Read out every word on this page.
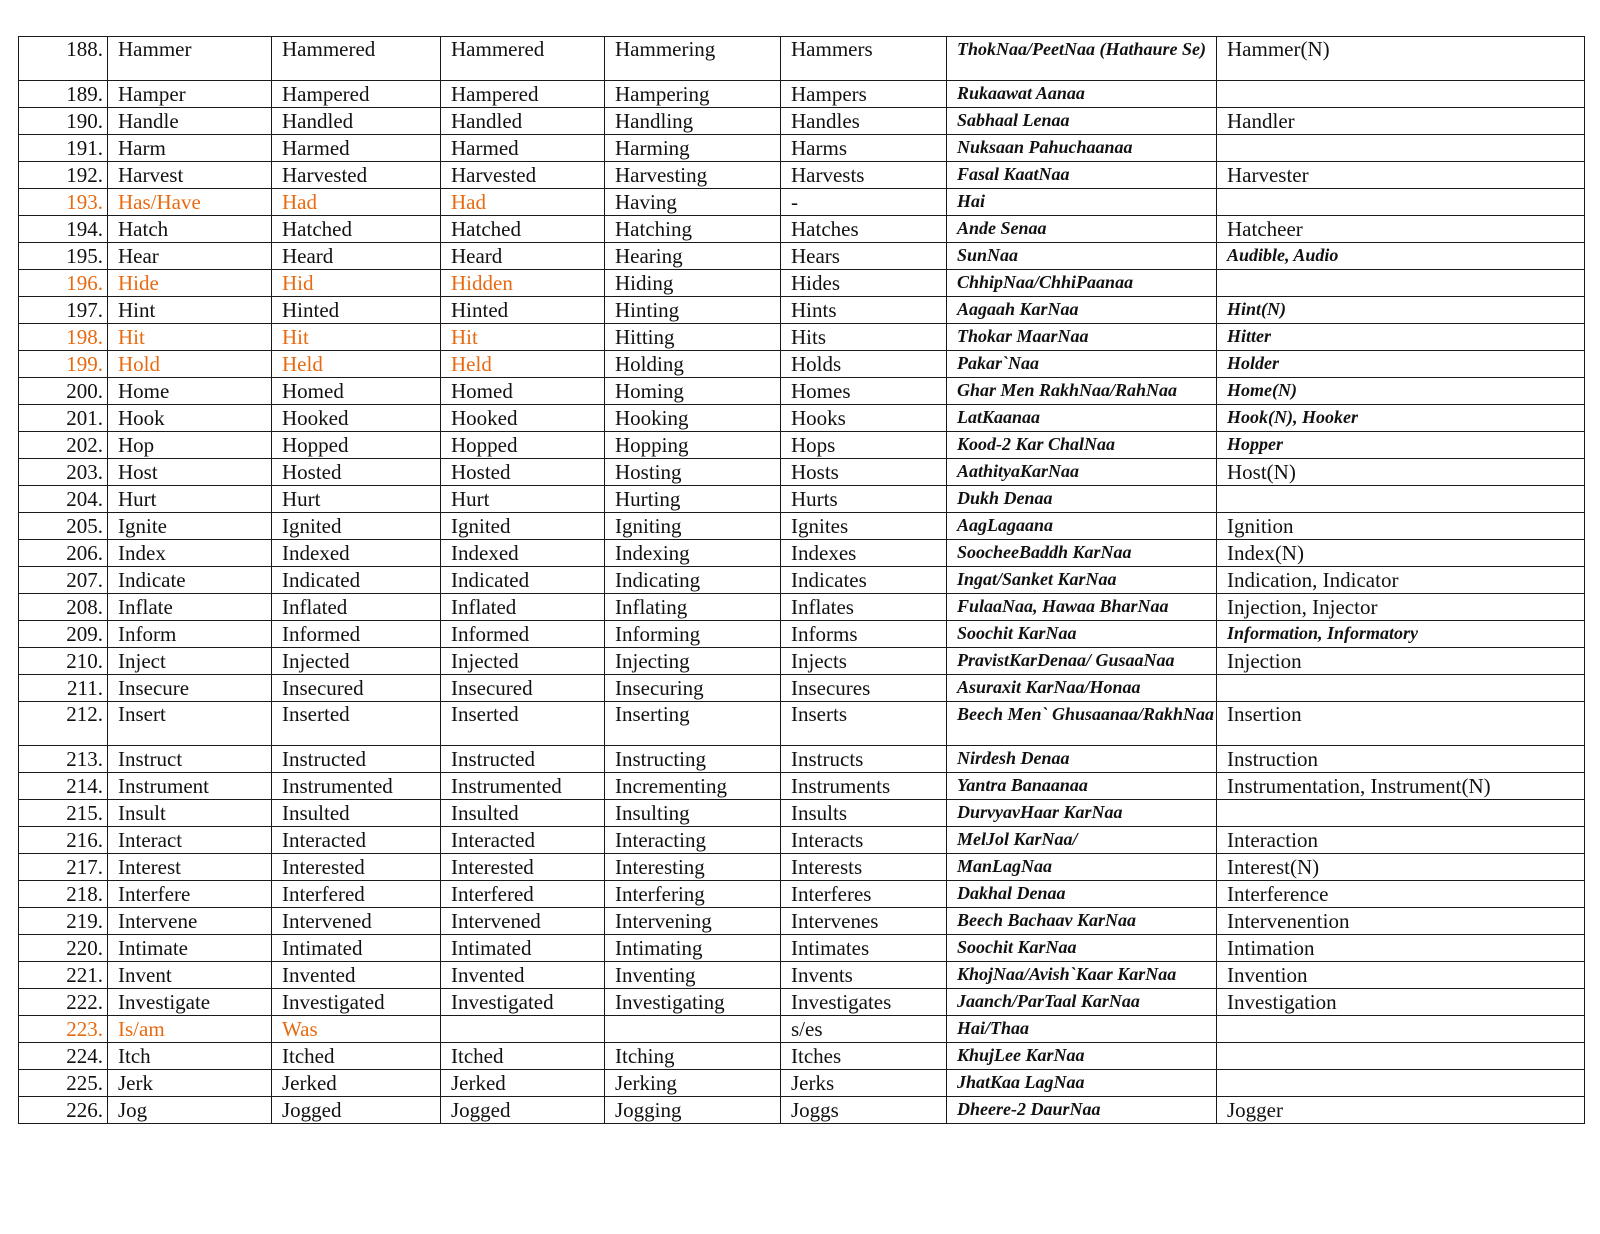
188.	Hammer	Hammered	Hammered	Hammering	Hammers	ThokNaa/PeetNaa (Hathaure Se)	Hammer(N)
189.	Hamper	Hampered	Hampered	Hampering	Hampers	Rukaawat Aanaa	
190.	Handle	Handled	Handled	Handling	Handles	Sabhaal Lenaa	Handler
191.	Harm	Harmed	Harmed	Harming	Harms	Nuksaan Pahuchaanaa	
192.	Harvest	Harvested	Harvested	Harvesting	Harvests	Fasal KaatNaa	Harvester
193.	Has/Have	Had	Had	Having	-	Hai	
194.	Hatch	Hatched	Hatched	Hatching	Hatches	Ande Senaa	Hatcheer
195.	Hear	Heard	Heard	Hearing	Hears	SunNaa	Audible, Audio
196.	Hide	Hid	Hidden	Hiding	Hides	ChhipNaa/ChhiPaanaa	
197.	Hint	Hinted	Hinted	Hinting	Hints	Aagaah KarNaa	Hint(N)
198.	Hit	Hit	Hit	Hitting	Hits	Thokar MaarNaa	Hitter
199.	Hold	Held	Held	Holding	Holds	Pakar`Naa	Holder
200.	Home	Homed	Homed	Homing	Homes	Ghar Men RakhNaa/RahNaa	Home(N)
201.	Hook	Hooked	Hooked	Hooking	Hooks	LatKaanaa	Hook(N), Hooker
202.	Hop	Hopped	Hopped	Hopping	Hops	Kood-2 Kar ChalNaa	Hopper
203.	Host	Hosted	Hosted	Hosting	Hosts	AathityaKarNaa	Host(N)
204.	Hurt	Hurt	Hurt	Hurting	Hurts	Dukh Denaa	
205.	Ignite	Ignited	Ignited	Igniting	Ignites	AagLagaana	Ignition
206.	Index	Indexed	Indexed	Indexing	Indexes	SoocheeBaddh KarNaa	Index(N)
207.	Indicate	Indicated	Indicated	Indicating	Indicates	Ingat/Sanket KarNaa	Indication, Indicator
208.	Inflate	Inflated	Inflated	Inflating	Inflates	FulaaNaa, Hawaa BharNaa	Injection, Injector
209.	Inform	Informed	Informed	Informing	Informs	Soochit KarNaa	Information, Informatory
210.	Inject	Injected	Injected	Injecting	Injects	PravistKarDenaa/ GusaaNaa	Injection
211.	Insecure	Insecured	Insecured	Insecuring	Insecures	Asuraxit KarNaa/Honaa	
212.	Insert	Inserted	Inserted	Inserting	Inserts	Beech Men` Ghusaanaa/RakhNaa	Insertion
213.	Instruct	Instructed	Instructed	Instructing	Instructs	Nirdesh Denaa	Instruction
214.	Instrument	Instrumented	Instrumented	Incrementing	Instruments	Yantra Banaanaa	Instrumentation, Instrument(N)
215.	Insult	Insulted	Insulted	Insulting	Insults	DurvyavHaar KarNaa	
216.	Interact	Interacted	Interacted	Interacting	Interacts	MelJol KarNaa/	Interaction
217.	Interest	Interested	Interested	Interesting	Interests	ManLagNaa	Interest(N)
218.	Interfere	Interfered	Interfered	Interfering	Interferes	Dakhal Denaa	Interference
219.	Intervene	Intervened	Intervened	Intervening	Intervenes	Beech Bachaav KarNaa	Intervenention
220.	Intimate	Intimated	Intimated	Intimating	Intimates	Soochit KarNaa	Intimation
221.	Invent	Invented	Invented	Inventing	Invents	KhojNaa/Avish`Kaar KarNaa	Invention
222.	Investigate	Investigated	Investigated	Investigating	Investigates	Jaanch/ParTaal KarNaa	Investigation
223.	Is/am	Was			s/es	Hai/Thaa	
224.	Itch	Itched	Itched	Itching	Itches	KhujLee KarNaa	
225.	Jerk	Jerked	Jerked	Jerking	Jerks	JhatKaa LagNaa	
226.	Jog	Jogged	Jogged	Jogging	Joggs	Dheere-2 DaurNaa	Jogger
